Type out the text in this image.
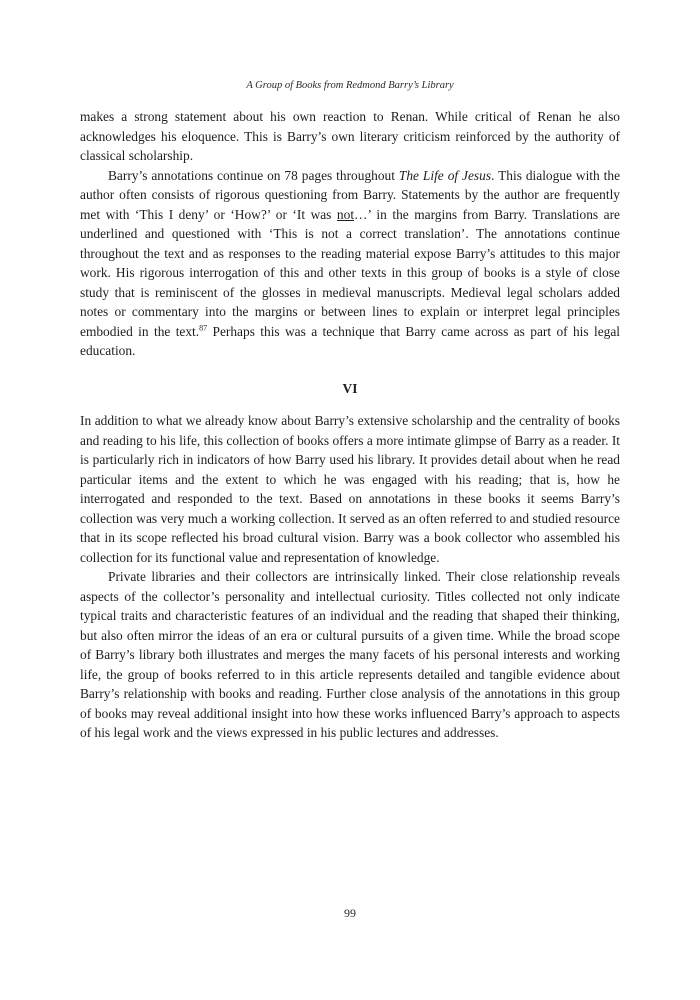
A Group of Books from Redmond Barry’s Library

makes a strong statement about his own reaction to Renan. While critical of Renan he also acknowledges his eloquence. This is Barry’s own literary criticism reinforced by the authority of classical scholarship.

Barry’s annotations continue on 78 pages throughout The Life of Jesus. This dialogue with the author often consists of rigorous questioning from Barry. Statements by the author are frequently met with ‘This I deny’ or ‘How?’ or ‘It was not…’ in the margins from Barry. Translations are underlined and questioned with ‘This is not a correct translation’. The annotations continue throughout the text and as responses to the reading material expose Barry’s attitudes to this major work. His rigorous interrogation of this and other texts in this group of books is a style of close study that is reminiscent of the glosses in medieval manuscripts. Medieval legal scholars added notes or commentary into the margins or between lines to explain or interpret legal principles embodied in the text.$^{87}$ Perhaps this was a technique that Barry came across as part of his legal education.

VI

In addition to what we already know about Barry’s extensive scholarship and the centrality of books and reading to his life, this collection of books offers a more intimate glimpse of Barry as a reader. It is particularly rich in indicators of how Barry used his library. It provides detail about when he read particular items and the extent to which he was engaged with his reading; that is, how he interrogated and responded to the text. Based on annotations in these books it seems Barry’s collection was very much a working collection. It served as an often referred to and studied resource that in its scope reflected his broad cultural vision. Barry was a book collector who assembled his collection for its functional value and representation of knowledge.

Private libraries and their collectors are intrinsically linked. Their close relationship reveals aspects of the collector’s personality and intellectual curiosity. Titles collected not only indicate typical traits and characteristic features of an individual and the reading that shaped their thinking, but also often mirror the ideas of an era or cultural pursuits of a given time. While the broad scope of Barry’s library both illustrates and merges the many facets of his personal interests and working life, the group of books referred to in this article represents detailed and tangible evidence about Barry’s relationship with books and reading. Further close analysis of the annotations in this group of books may reveal additional insight into how these works influenced Barry’s approach to aspects of his legal work and the views expressed in his public lectures and addresses.

99
